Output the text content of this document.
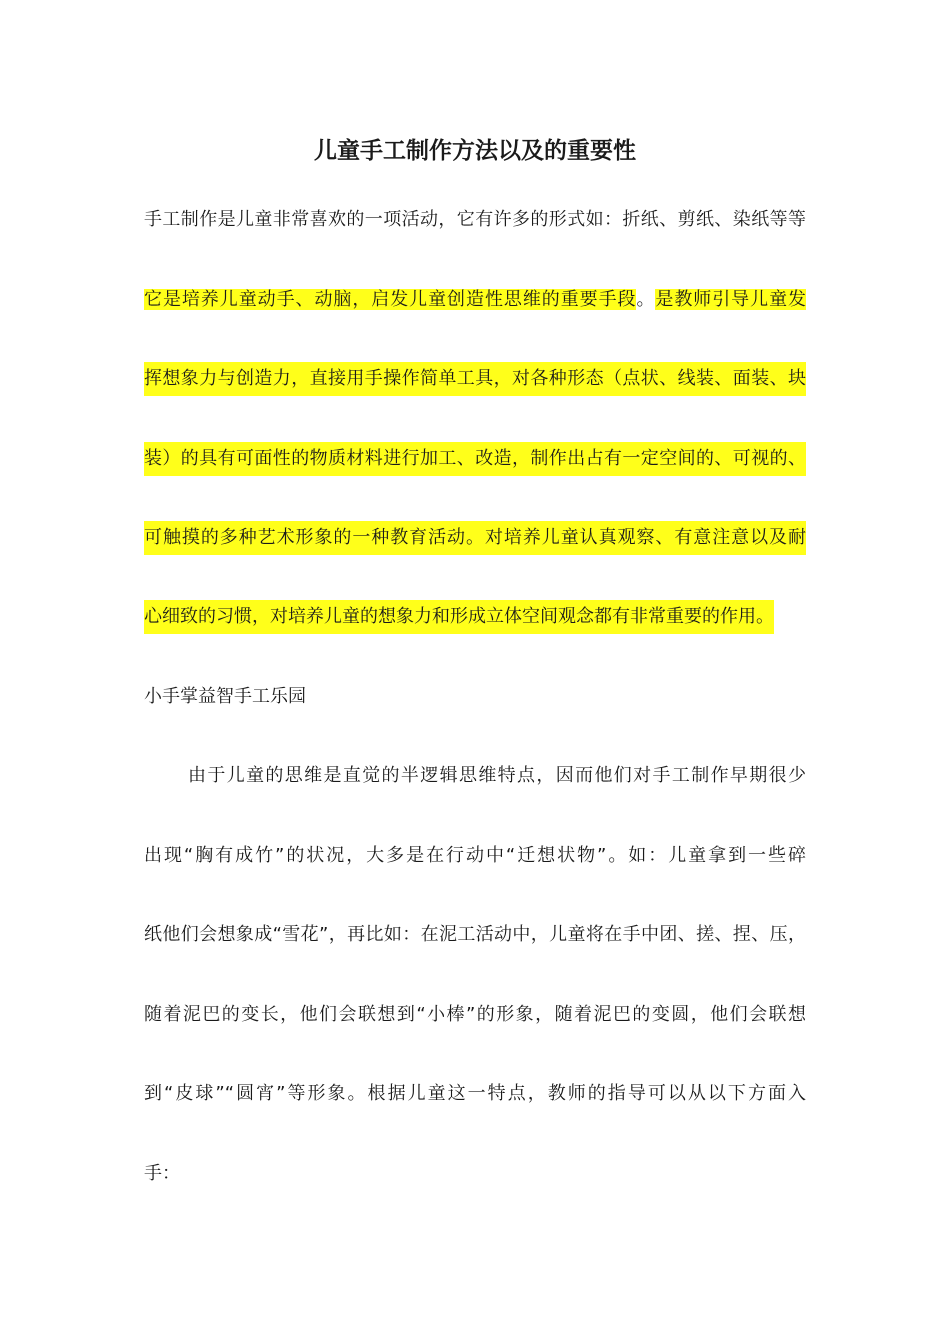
儿童手工制作方法以及的重要性
手工制作是儿童非常喜欢的一项活动，它有许多的形式如：折纸、剪纸、染纸等等
它是培养儿童动手、动脑，启发儿童创造性思维的重要手段。是教师引导儿童发
挥想象力与创造力，直接用手操作简单工具，对各种形态（点状、线装、面装、块
装）的具有可面性的物质材料进行加工、改造，制作出占有一定空间的、可视的、
可触摸的多种艺术形象的一种教育活动。对培养儿童认真观察、有意注意以及耐
心细致的习惯，对培养儿童的想象力和形成立体空间观念都有非常重要的作用。
小手掌益智手工乐园
由于儿童的思维是直觉的半逻辑思维特点，因而他们对手工制作早期很少
出现“胸有成竹”的状况，大多是在行动中“迁想状物”。如：儿童拿到一些碎
纸他们会想象成“雪花”，再比如：在泥工活动中，儿童将在手中团、搓、捏、压，
随着泥巴的变长，他们会联想到“小棒”的形象，随着泥巴的变圆，他们会联想
到“皮球”“圆宵”等形象。根据儿童这一特点，教师的指导可以从以下方面入
手：
